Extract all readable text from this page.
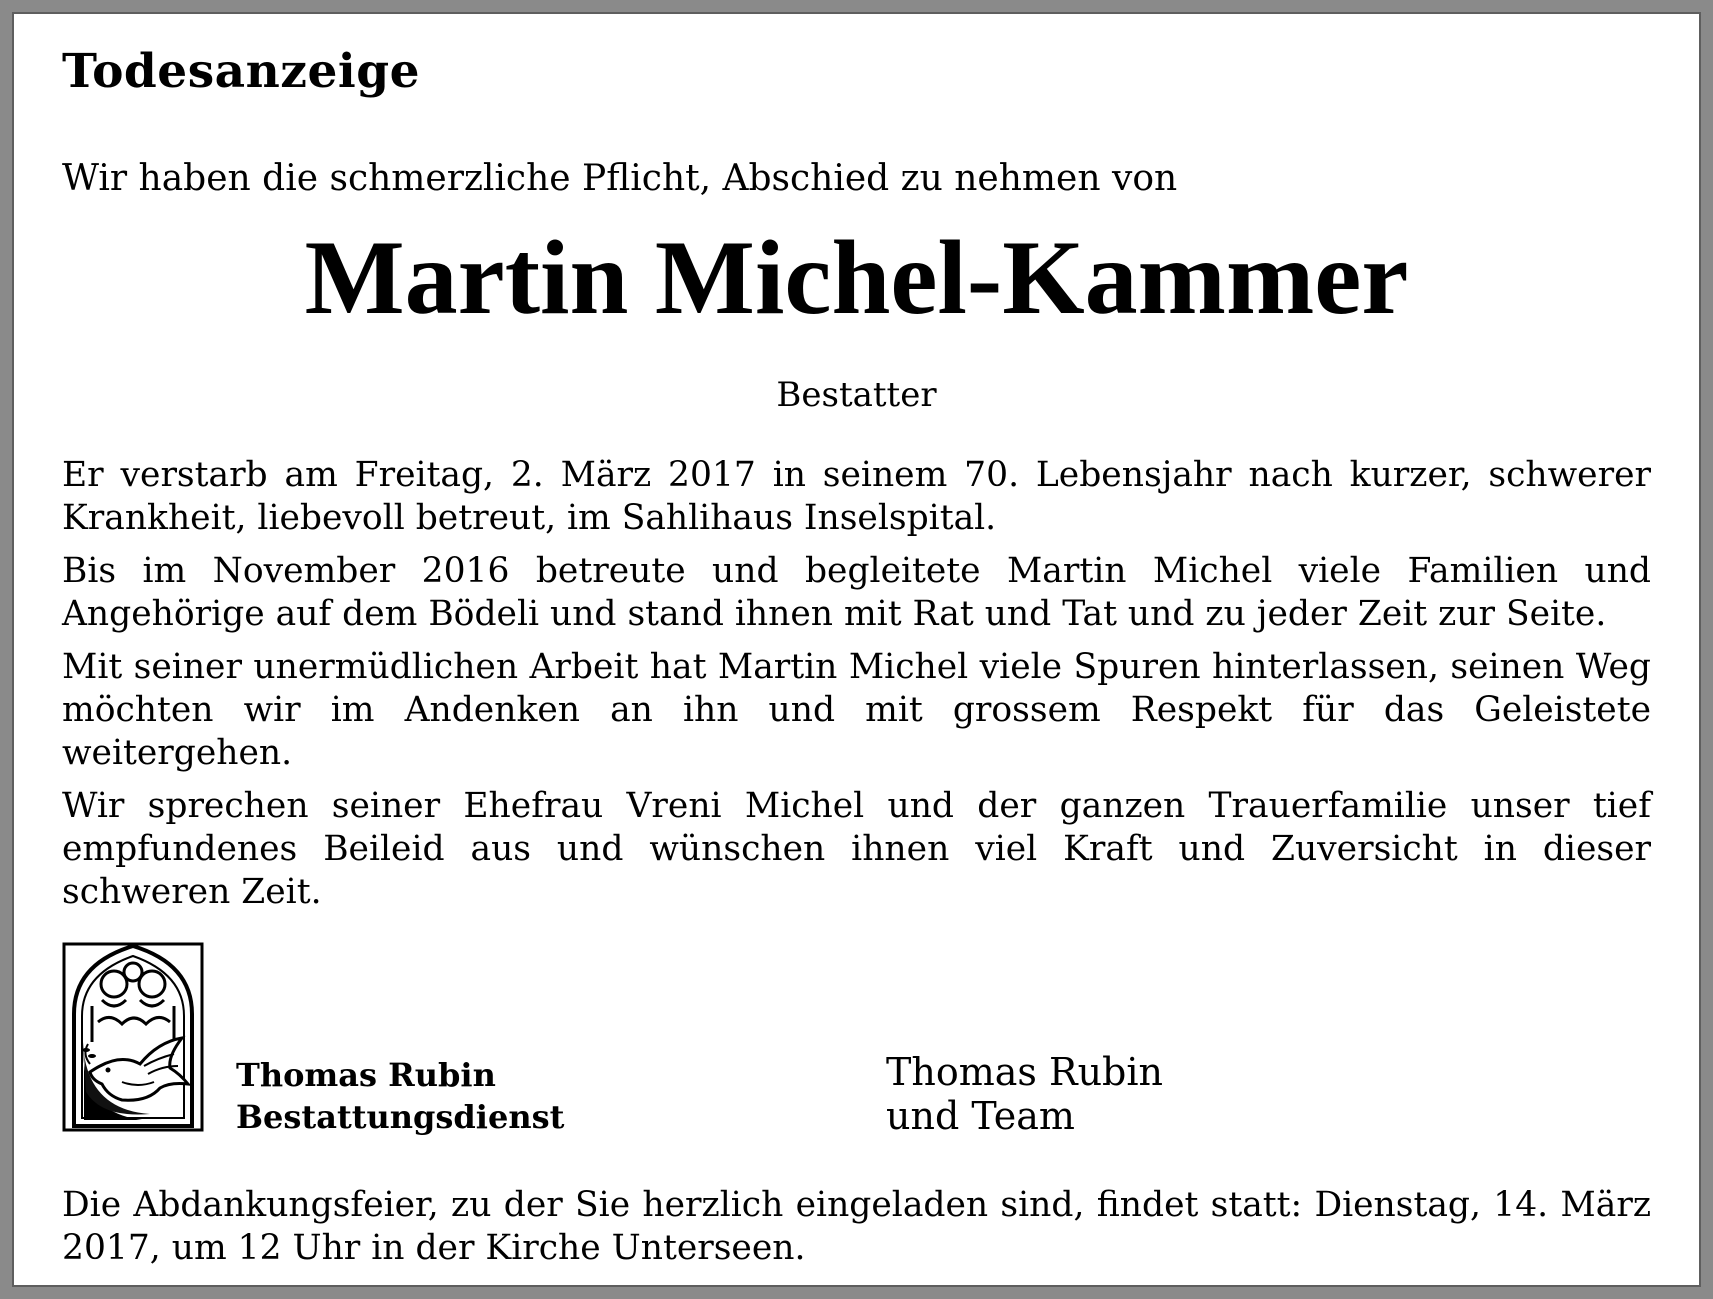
Todesanzeige

Wir haben die schmerzliche Pflicht, Abschied zu nehmen von

Martin Michel-Kammer

Bestatter

Er verstarb am Freitag, 2. März 2017 in seinem 70. Lebensjahr nach kurzer, schwerer Krankheit, liebevoll betreut, im Sahlihaus Inselspital.

Bis im November 2016 betreute und begleitete Martin Michel viele Familien und Angehörige auf dem Bödeli und stand ihnen mit Rat und Tat und zu jeder Zeit zur Seite.

Mit seiner unermüdlichen Arbeit hat Martin Michel viele Spuren hinterlassen, seinen Weg möchten wir im Andenken an ihn und mit grossem Respekt für das Geleistete weitergehen.

Wir sprechen seiner Ehefrau Vreni Michel und der ganzen Trauerfamilie unser tief empfundenes Beileid aus und wünschen ihnen viel Kraft und Zuversicht in dieser schweren Zeit.

Thomas Rubin
Bestattungsdienst
Thomas Rubin
und Team

Die Abdankungsfeier, zu der Sie herzlich eingeladen sind, findet statt: Dienstag, 14. März 2017, um 12 Uhr in der Kirche Unterseen.
